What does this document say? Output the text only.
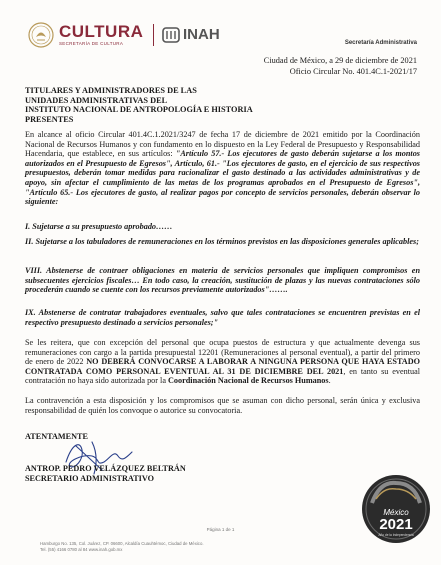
CULTURA
SECRETARÍA DE CULTURA
INAH	Secretaría Administrativa
Ciudad de México, a 29 de diciembre de 2021
Oficio Circular No. 401.4C.1-2021/17
TITULARES Y ADMINISTRADORES DE LAS
UNIDADES ADMINISTRATIVAS DEL
INSTITUTO NACIONAL DE ANTROPOLOGÍA E HISTORIA
PRESENTES
En alcance al oficio Circular 401.4C.1.2021/3247 de fecha 17 de diciembre de 2021 emitido por la Coordinación Nacional de Recursos Humanos y con fundamento en lo dispuesto en la Ley Federal de Presupuesto y Responsabilidad Hacendaria, que establece, en sus artículos: "Artículo 57.- Los ejecutores de gasto deberán sujetarse a los montos autorizados en el Presupuesto de Egresos", Artículo, 61.- "Los ejecutores de gasto, en el ejercicio de sus respectivos presupuestos, deberán tomar medidas para racionalizar el gasto destinado a las actividades administrativas y de apoyo, sin afectar el cumplimiento de las metas de los programas aprobados en el Presupuesto de Egresos", "Artículo 65.- Los ejecutores de gasto, al realizar pagos por concepto de servicios personales, deberán observar lo siguiente:
I. Sujetarse a su presupuesto aprobado……
II. Sujetarse a los tabuladores de remuneraciones en los términos previstos en las disposiciones generales aplicables;
VIII. Abstenerse de contraer obligaciones en materia de servicios personales que impliquen compromisos en subsecuentes ejercicios fiscales… En todo caso, la creación, sustitución de plazas y las nuevas contrataciones sólo procederán cuando se cuente con los recursos previamente autorizados"…….
IX. Abstenerse de contratar trabajadores eventuales, salvo que tales contrataciones se encuentren previstas en el respectivo presupuesto destinado a servicios personales;"
Se les reitera, que con excepción del personal que ocupa puestos de estructura y que actualmente devenga sus remuneraciones con cargo a la partida presupuestal 12201 (Remuneraciones al personal eventual), a partir del primero de enero de 2022 NO DEBERÁ CONVOCARSE A LABORAR A NINGUNA PERSONA QUE HAYA ESTADO CONTRATADA COMO PERSONAL EVENTUAL AL 31 DE DICIEMBRE DEL 2021, en tanto su eventual contratación no haya sido autorizada por la Coordinación Nacional de Recursos Humanos.
La contravención a esta disposición y los compromisos que se asuman con dicho personal, serán única y exclusiva responsabilidad de quién los convoque o autorice su convocatoria.
ATENTAMENTE
ANTROP. PEDRO VELÁZQUEZ BELTRÁN
SECRETARIO ADMINISTRATIVO
México
2021
Año de la Independencia
Página 1 de 1
Hamburgo No. 135, Col. Juárez, CP. 06600, Alcaldía Cuauhtémoc, Ciudad de México.
Tel. (55) 4166 0780 al 84 www.inah.gob.mx
